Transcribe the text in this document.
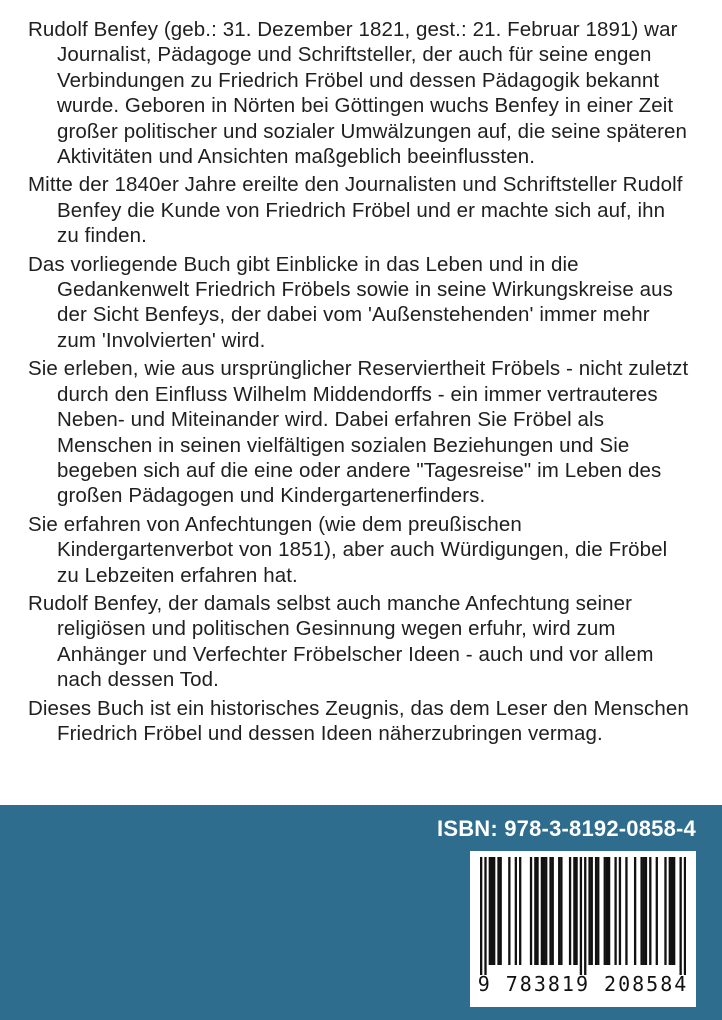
Rudolf Benfey (geb.: 31. Dezember 1821, gest.: 21. Februar 1891) war Journalist, Pädagoge und Schriftsteller, der auch für seine engen Verbindungen zu Friedrich Fröbel und dessen Pädagogik bekannt wurde. Geboren in Nörten bei Göttingen wuchs Benfey in einer Zeit großer politischer und sozialer Umwälzungen auf, die seine späteren Aktivitäten und Ansichten maßgeblich beeinflussten.

Mitte der 1840er Jahre ereilte den Journalisten und Schriftsteller Rudolf Benfey die Kunde von Friedrich Fröbel und er machte sich auf, ihn zu finden.

Das vorliegende Buch gibt Einblicke in das Leben und in die Gedankenwelt Friedrich Fröbels sowie in seine Wirkungskreise aus der Sicht Benfeys, der dabei vom 'Außenstehenden' immer mehr zum 'Involvierten' wird.

Sie erleben, wie aus ursprünglicher Reserviertheit Fröbels - nicht zuletzt durch den Einfluss Wilhelm Middendorffs - ein immer vertrauteres Neben- und Miteinander wird. Dabei erfahren Sie Fröbel als Menschen in seinen vielfältigen sozialen Beziehungen und Sie begeben sich auf die eine oder andere "Tagesreise" im Leben des großen Pädagogen und Kindergartenerfinders.

Sie erfahren von Anfechtungen (wie dem preußischen Kindergartenverbot von 1851), aber auch Würdigungen, die Fröbel zu Lebzeiten erfahren hat.

Rudolf Benfey, der damals selbst auch manche Anfechtung seiner religiösen und politischen Gesinnung wegen erfuhr, wird zum Anhänger und Verfechter Fröbelscher Ideen - auch und vor allem nach dessen Tod.

Dieses Buch ist ein historisches Zeugnis, das dem Leser den Menschen Friedrich Fröbel und dessen Ideen näherzubringen vermag.

ISBN: 978-3-8192-0858-4
9 783819 208584
